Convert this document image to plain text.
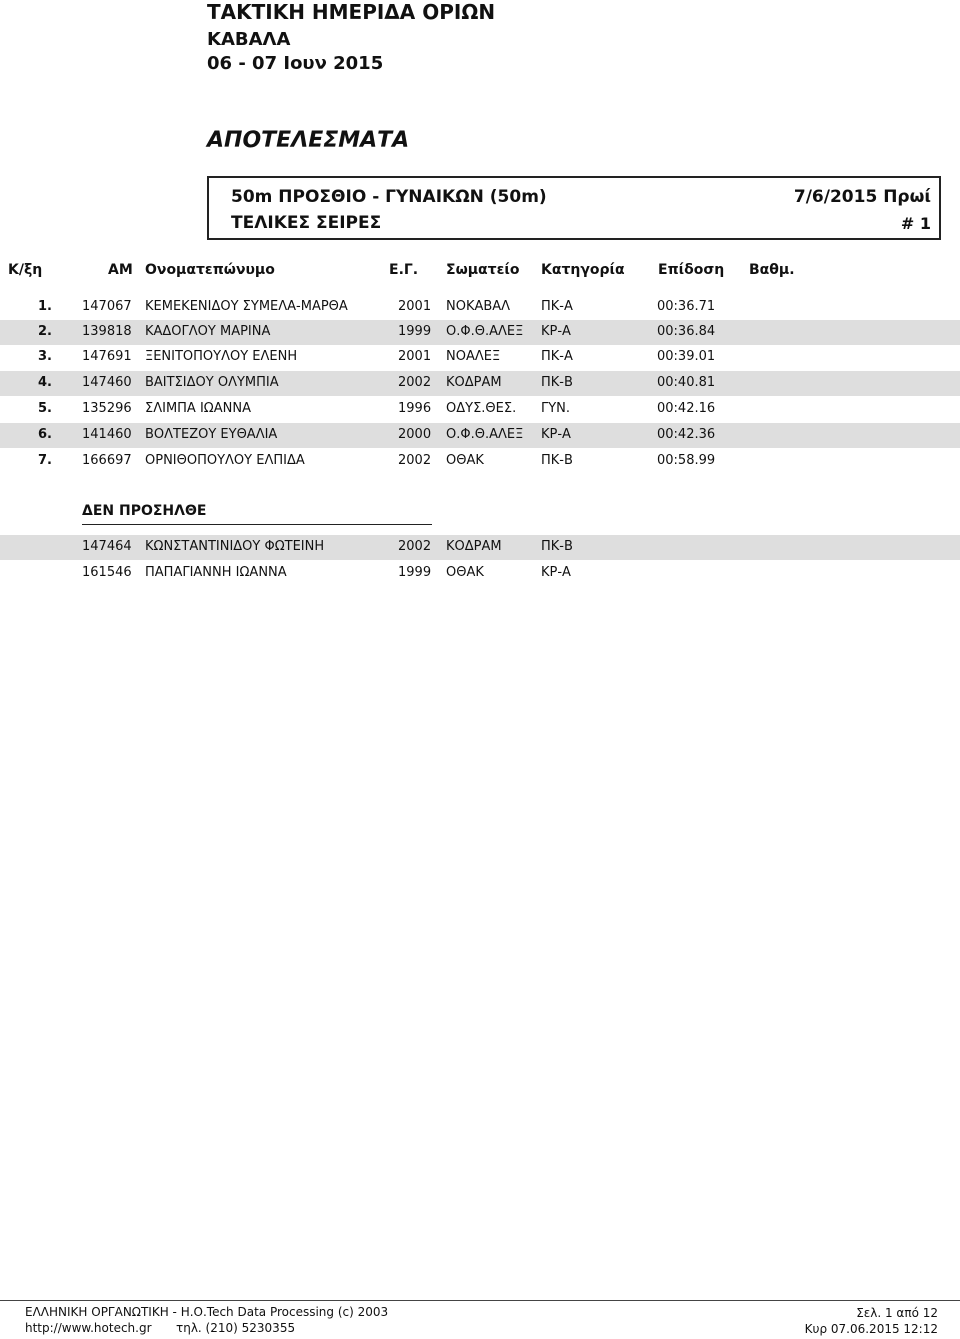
ΤΑΚΤΙΚΗ ΗΜΕΡΙΔΑ ΟΡΙΩΝ
ΚΑΒΑΛΑ
06 - 07 Ιουν 2015
ΑΠΟΤΕΛΕΣΜΑΤΑ
50m ΠΡΟΣΘΙΟ - ΓΥΝΑΙΚΩΝ (50m)	7/6/2015 Πρωί
ΤΕΛΙΚΕΣ ΣΕΙΡΕΣ	# 1
Κ/ξη	ΑΜ Ονοματεπώνυμο	Ε.Γ. Σωματείο Κατηγορία Επίδοση Βαθμ.
1. 147067 ΚΕΜΕΚΕΝΙΔΟΥ ΣΥΜΕΛΑ-ΜΑΡΘΑ	2001 ΝΟΚΑΒΑΛ ΠΚ-Α	00:36.71
2. 139818 ΚΑΔΟΓΛΟΥ ΜΑΡΙΝΑ	1999 Ο.Φ.Θ.ΑΛΕΞ ΚΡ-Α	00:36.84
3. 147691 ΞΕΝΙΤΟΠΟΥΛΟΥ ΕΛΕΝΗ	2001 ΝΟΑΛΕΞ	ΠΚ-Α	00:39.01
4. 147460 ΒΑΙΤΣΙΔΟΥ ΟΛΥΜΠΙΑ	2002 ΚΟΔΡΑΜ	ΠΚ-Β	00:40.81
5. 135296 ΣΛΙΜΠΑ ΙΩΑΝΝΑ	1996 ΟΔΥΣ.ΘΕΣ. ΓΥΝ.	00:42.16
6. 141460 ΒΟΛΤΕΖΟΥ ΕΥΘΑΛΙΑ	2000 Ο.Φ.Θ.ΑΛΕΞ ΚΡ-Α	00:42.36
7. 166697 ΟΡΝΙΘΟΠΟΥΛΟΥ ΕΛΠΙΔΑ	2002 ΟΘΑΚ	ΠΚ-Β	00:58.99
ΔΕΝ ΠΡΟΣΗΛΘΕ
147464 ΚΩΝΣΤΑΝΤΙΝΙΔΟΥ ΦΩΤΕΙΝΗ	2002 ΚΟΔΡΑΜ	ΠΚ-Β
161546 ΠΑΠΑΓΙΑΝΝΗ ΙΩΑΝΝΑ	1999 ΟΘΑΚ	ΚΡ-Α
ΕΛΛΗΝΙΚΗ ΟΡΓΑΝΩΤΙΚΗ - Η.Ο.Tech Data Processing (c) 2003
http://www.hotech.gr τηλ. (210) 5230355
Σελ. 1 από 12
Κυρ 07.06.2015 12:12
